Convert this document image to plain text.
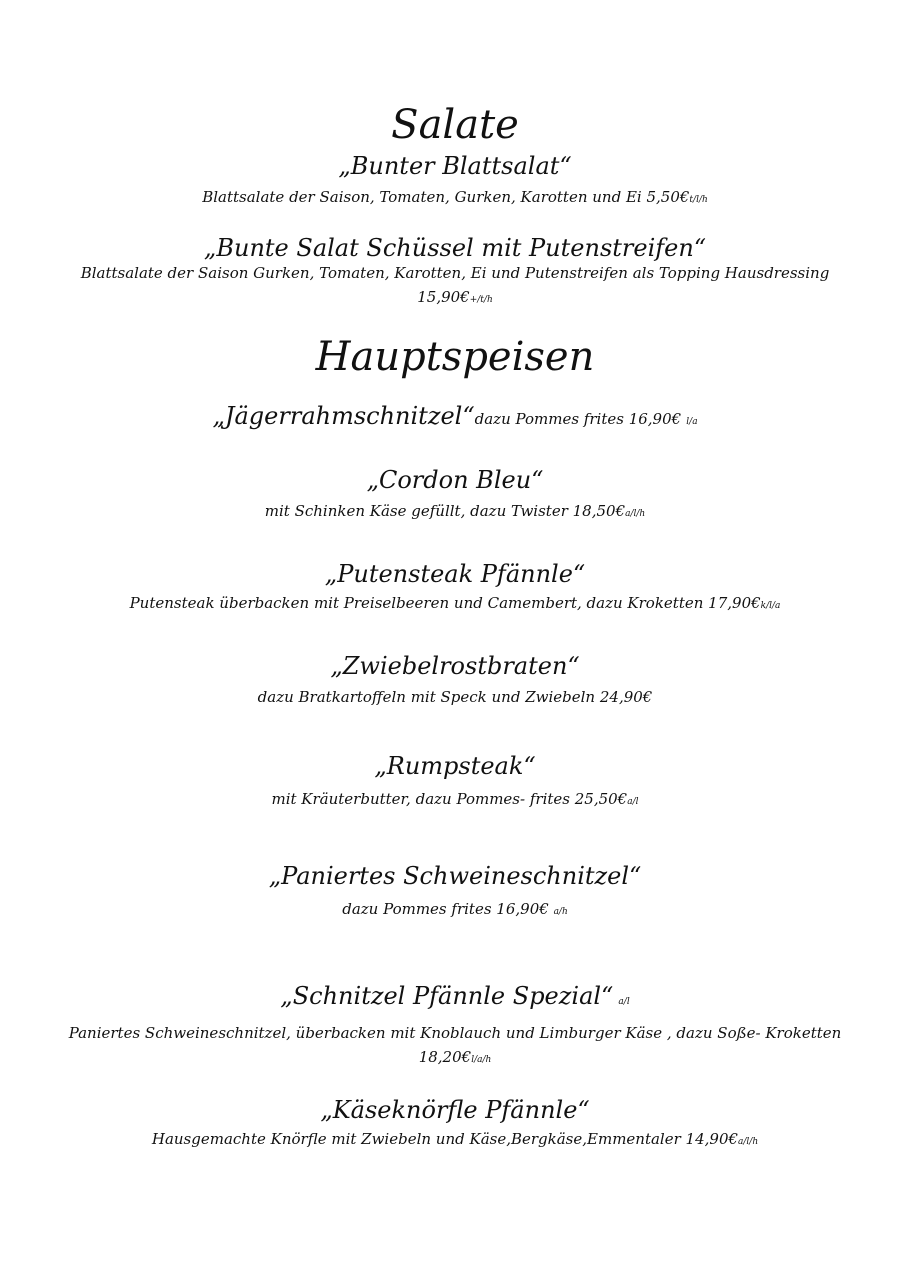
Salate
„Bunter Blattsalat“
Blattsalate der Saison, Tomaten, Gurken, Karotten und Ei 5,50€t/l/h
„Bunte Salat Schüssel mit Putenstreifen“
Blattsalate der Saison Gurken, Tomaten, Karotten, Ei und Putenstreifen als Topping Hausdressing
15,90€+/t/h
Hauptspeisen
„Jägerrahmschnitzel“dazu Pommes frites 16,90€ l/a
„Cordon Bleu“
mit Schinken Käse gefüllt, dazu Twister 18,50€a/l/h
„Putensteak Pfännle“
Putensteak überbacken mit Preiselbeeren und Camembert, dazu Kroketten 17,90€k/l/a
„Zwiebelrostbraten“
dazu Bratkartoffeln mit Speck und Zwiebeln 24,90€
„Rumpsteak“
mit Kräuterbutter, dazu Pommes- frites 25,50€a/l
„Paniertes Schweineschnitzel“
dazu Pommes frites 16,90€ a/h
„Schnitzel Pfännle Spezial“ a/l
Paniertes Schweineschnitzel, überbacken mit Knoblauch und Limburger Käse , dazu Soße- Kroketten
18,20€l/a/h
„Käseknörfle Pfännle“
Hausgemachte Knörfle mit Zwiebeln und Käse,Bergkäse,Emmentaler 14,90€a/l/h
